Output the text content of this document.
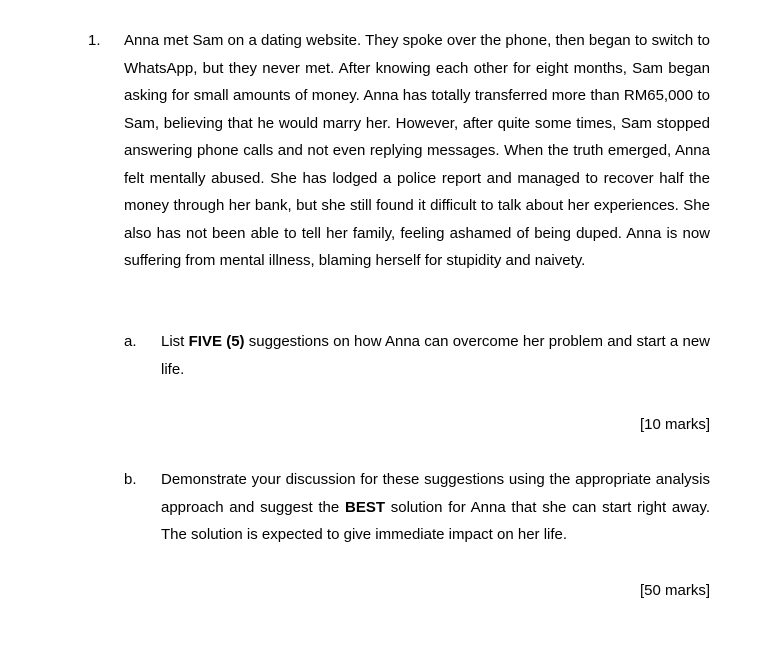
1. Anna met Sam on a dating website. They spoke over the phone, then began to switch to WhatsApp, but they never met. After knowing each other for eight months, Sam began asking for small amounts of money. Anna has totally transferred more than RM65,000 to Sam, believing that he would marry her. However, after quite some times, Sam stopped answering phone calls and not even replying messages. When the truth emerged, Anna felt mentally abused. She has lodged a police report and managed to recover half the money through her bank, but she still found it difficult to talk about her experiences. She also has not been able to tell her family, feeling ashamed of being duped. Anna is now suffering from mental illness, blaming herself for stupidity and naivety.

a. List FIVE (5) suggestions on how Anna can overcome her problem and start a new life.

[10 marks]
b. Demonstrate your discussion for these suggestions using the appropriate analysis approach and suggest the BEST solution for Anna that she can start right away. The solution is expected to give immediate impact on her life.

[50 marks]
